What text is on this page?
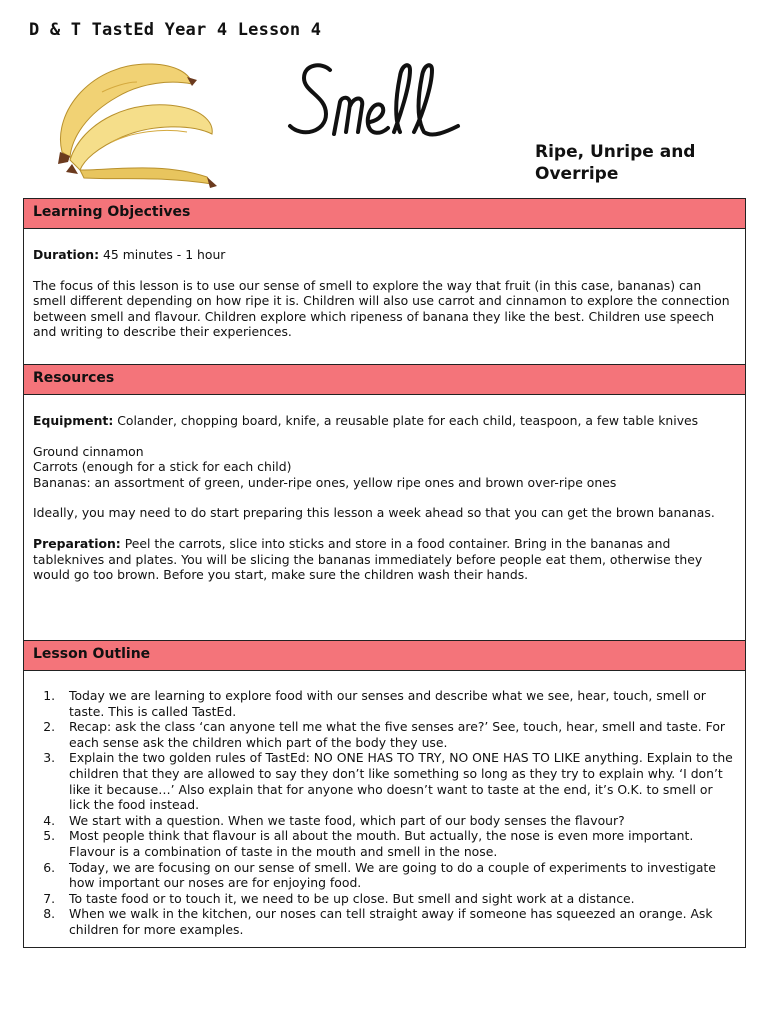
D & T TastEd Year 4 Lesson 4
Ripe, Unripe and Overripe
Learning Objectives

Duration: 45 minutes - 1 hour

The focus of this lesson is to use our sense of smell to explore the way that fruit (in this case, bananas) can smell different depending on how ripe it is. Children will also use carrot and cinnamon to explore the connection between smell and flavour. Children explore which ripeness of banana they like the best. Children use speech and writing to describe their experiences.

Resources

Equipment: Colander, chopping board, knife, a reusable plate for each child, teaspoon, a few table knives

Ground cinnamon

Carrots (enough for a stick for each child)

Bananas: an assortment of green, under-ripe ones, yellow ripe ones and brown over-ripe ones

Ideally, you may need to do start preparing this lesson a week ahead so that you can get the brown bananas.

Preparation: Peel the carrots, slice into sticks and store in a food container. Bring in the bananas and tableknives and plates. You will be slicing the bananas immediately before people eat them, otherwise they would go too brown. Before you start, make sure the children wash their hands.

Lesson Outline
1. Today we are learning to explore food with our senses and describe what we see, hear, touch, smell or taste. This is called TastEd.
2. Recap: ask the class ‘can anyone tell me what the five senses are?’ See, touch, hear, smell and taste. For each sense ask the children which part of the body they use.
3. Explain the two golden rules of TastEd: NO ONE HAS TO TRY, NO ONE HAS TO LIKE anything. Explain to the children that they are allowed to say they don’t like something so long as they try to explain why. ‘I don’t like it because…’ Also explain that for anyone who doesn’t want to taste at the end, it’s O.K. to smell or lick the food instead.
4. We start with a question. When we taste food, which part of our body senses the flavour?
5. Most people think that flavour is all about the mouth. But actually, the nose is even more important. Flavour is a combination of taste in the mouth and smell in the nose.
6. Today, we are focusing on our sense of smell. We are going to do a couple of experiments to investigate how important our noses are for enjoying food.
7. To taste food or to touch it, we need to be up close. But smell and sight work at a distance.
8. When we walk in the kitchen, our noses can tell straight away if someone has squeezed an orange. Ask children for more examples.
